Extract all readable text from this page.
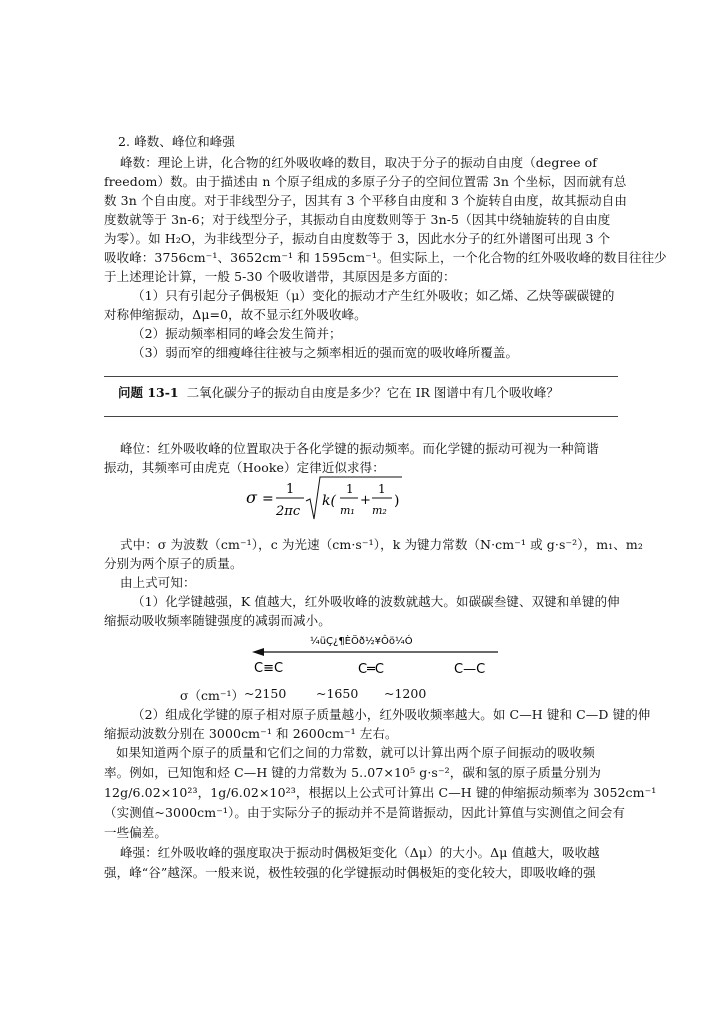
2. 峰数、峰位和峰强
峰数：理论上讲，化合物的红外吸收峰的数目，取决于分子的振动自由度（degree of
freedom）数。由于描述由 n 个原子组成的多原子分子的空间位置需 3n 个坐标，因而就有总
数 3n 个自由度。对于非线型分子，因其有 3 个平移自由度和 3 个旋转自由度，故其振动自由
度数就等于 3n-6；对于线型分子，其振动自由度数则等于 3n-5（因其中绕轴旋转的自由度
为零）。如 H₂O，为非线型分子，振动自由度数等于 3，因此水分子的红外谱图可出现 3 个
吸收峰：3756cm⁻¹、3652cm⁻¹ 和 1595cm⁻¹。但实际上，一个化合物的红外吸收峰的数目往往少
于上述理论计算，一般 5-30 个吸收谱带，其原因是多方面的：
（1）只有引起分子偶极矩（μ）变化的振动才产生红外吸收；如乙烯、乙炔等碳碳键的
对称伸缩振动，Δμ=0，故不显示红外吸收峰。
（2）振动频率相同的峰会发生简并；
（3）弱而窄的细瘦峰往往被与之频率相近的强而宽的吸收峰所覆盖。
问题 13-1 二氧化碳分子的振动自由度是多少？它在 IR 图谱中有几个吸收峰？
峰位：红外吸收峰的位置取决于各化学键的振动频率。而化学键的振动可视为一种简谐
振动，其频率可由虎克（Hooke）定律近似求得：
σ =
1
2πc
k(
1
m₁
+
1
m₂
)
式中：σ 为波数（cm⁻¹），c 为光速（cm·s⁻¹），k 为键力常数（N·cm⁻¹ 或 g·s⁻²），m₁、m₂
分别为两个原子的质量。
由上式可知：
（1）化学键越强，K 值越大，红外吸收峰的波数就越大。如碳碳叁键、双键和单键的伸
缩振动吸收频率随键强度的减弱而减小。
¼üÇ¿¶ÈÖð½¥Ôö¼Ó
C≡C	C═C	C—C
σ（cm⁻¹） ~2150 ~1650 ~1200
（2）组成化学键的原子相对原子质量越小，红外吸收频率越大。如 C—H 键和 C—D 键的伸
缩振动波数分别在 3000cm⁻¹ 和 2600cm⁻¹ 左右。
如果知道两个原子的质量和它们之间的力常数，就可以计算出两个原子间振动的吸收频
率。例如，已知饱和烃 C—H 键的力常数为 5..07×10⁵ g·s⁻²，碳和氢的原子质量分别为
12g/6.02×10²³，1g/6.02×10²³，根据以上公式可计算出 C—H 键的伸缩振动频率为 3052cm⁻¹
（实测值~3000cm⁻¹）。由于实际分子的振动并不是简谐振动，因此计算值与实测值之间会有
一些偏差。
峰强：红外吸收峰的强度取决于振动时偶极矩变化（Δμ）的大小。Δμ 值越大，吸收越
强，峰“谷”越深。一般来说，极性较强的化学键振动时偶极矩的变化较大，即吸收峰的强
